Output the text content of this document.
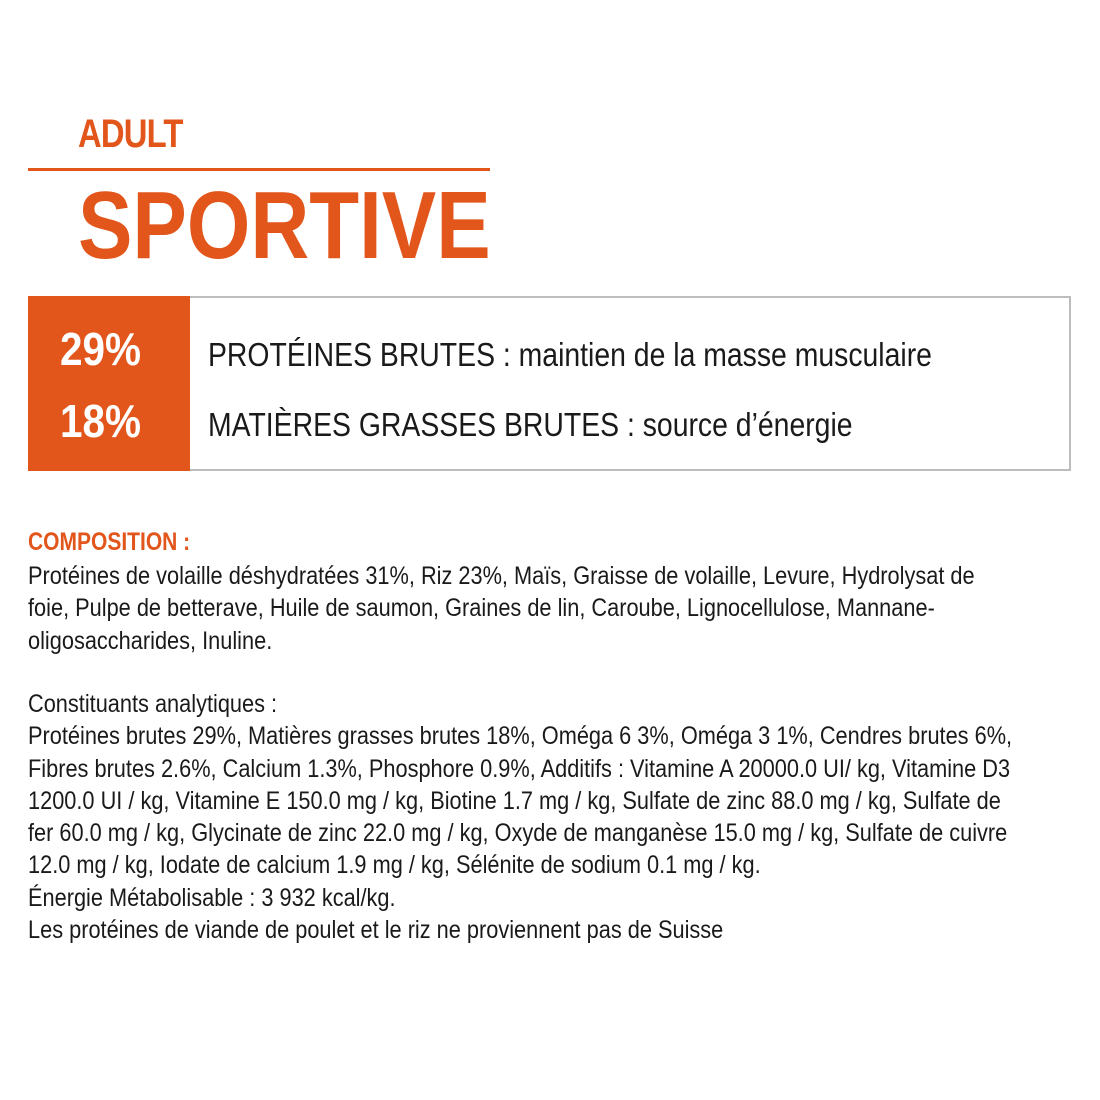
ADULT
SPORTIVE
29%
18%
PROTÉINES BRUTES : maintien de la masse musculaire
MATIÈRES GRASSES BRUTES : source d’énergie
COMPOSITION :
Protéines de volaille déshydratées 31%, Riz 23%, Maïs, Graisse de volaille, Levure, Hydrolysat de
foie, Pulpe de betterave, Huile de saumon, Graines de lin, Caroube, Lignocellulose, Mannane-
oligosaccharides, Inuline.
Constituants analytiques :
Protéines brutes 29%, Matières grasses brutes 18%, Oméga 6 3%, Oméga 3 1%, Cendres brutes 6%,
Fibres brutes 2.6%, Calcium 1.3%, Phosphore 0.9%, Additifs : Vitamine A 20000.0 UI/ kg, Vitamine D3
1200.0 UI / kg, Vitamine E 150.0 mg / kg, Biotine 1.7 mg / kg, Sulfate de zinc 88.0 mg / kg, Sulfate de
fer 60.0 mg / kg, Glycinate de zinc 22.0 mg / kg, Oxyde de manganèse 15.0 mg / kg, Sulfate de cuivre
12.0 mg / kg, Iodate de calcium 1.9 mg / kg, Sélénite de sodium 0.1 mg / kg.
Énergie Métabolisable : 3 932 kcal/kg.
Les protéines de viande de poulet et le riz ne proviennent pas de Suisse
